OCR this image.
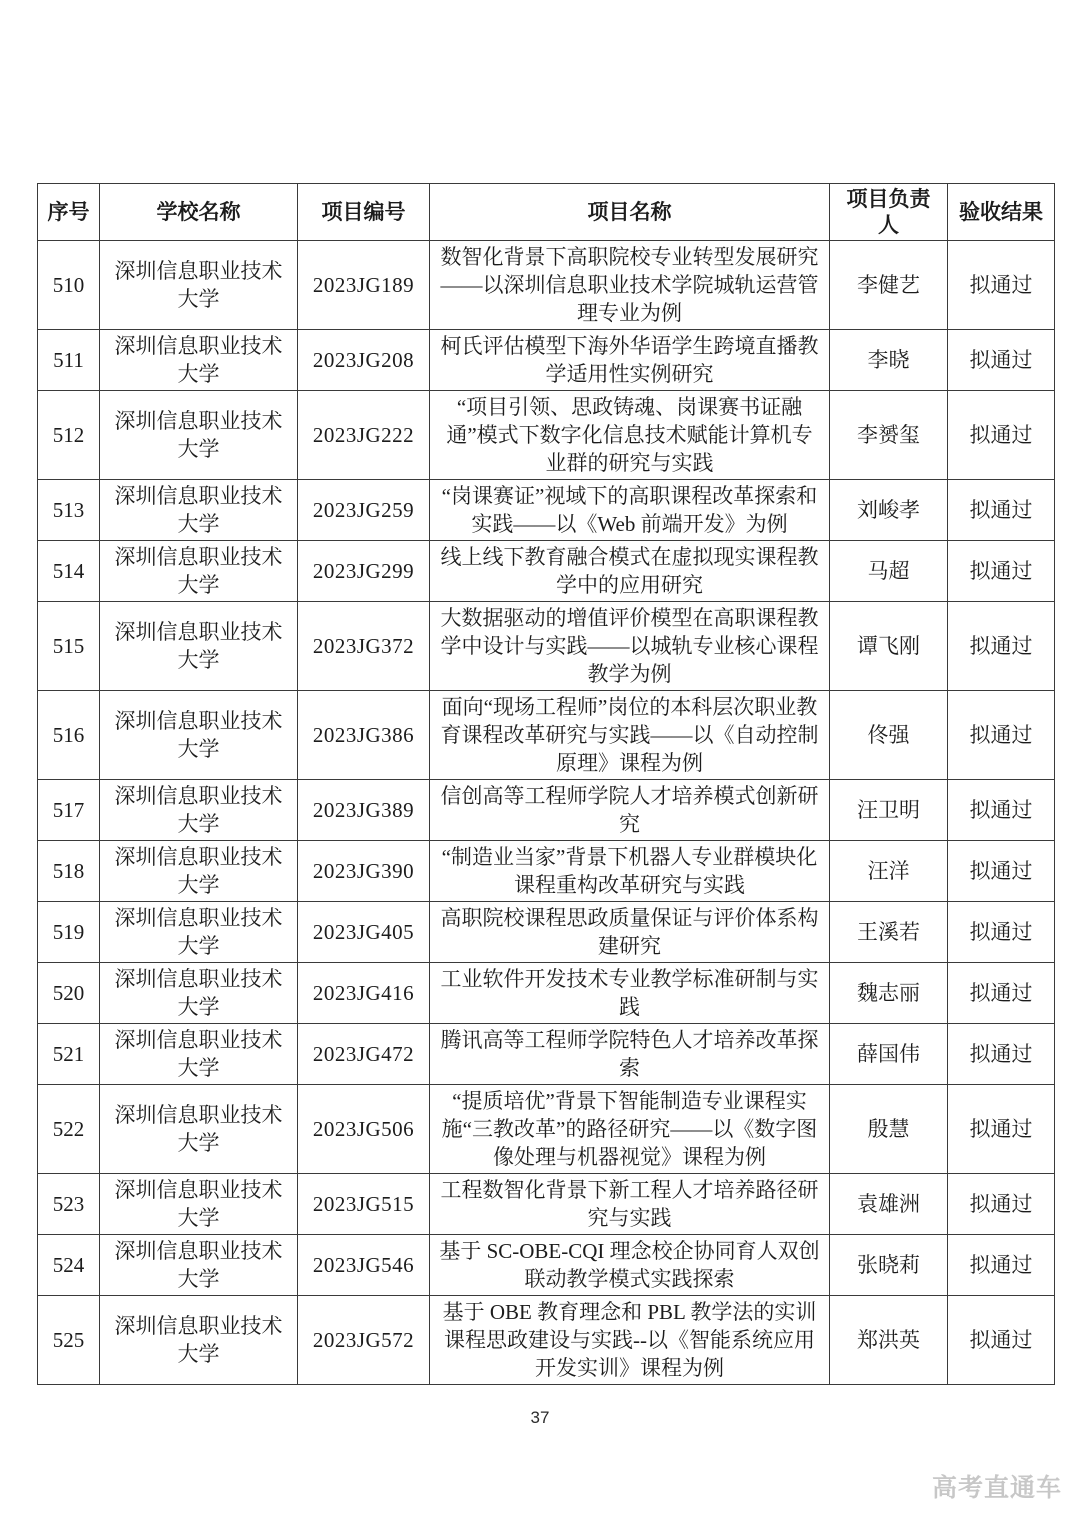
序号	学校名称	项目编号	项目名称	项目负责人	验收结果
510	深圳信息职业技术大学	2023JG189	数智化背景下高职院校专业转型发展研究——以深圳信息职业技术学院城轨运营管理专业为例	李健艺	拟通过
511	深圳信息职业技术大学	2023JG208	柯氏评估模型下海外华语学生跨境直播教学适用性实例研究	李晓	拟通过
512	深圳信息职业技术大学	2023JG222	“项目引领、思政铸魂、岗课赛书证融通”模式下数字化信息技术赋能计算机专业群的研究与实践	李赟玺	拟通过
513	深圳信息职业技术大学	2023JG259	“岗课赛证”视域下的高职课程改革探索和实践——以《Web 前端开发》为例	刘峻孝	拟通过
514	深圳信息职业技术大学	2023JG299	线上线下教育融合模式在虚拟现实课程教学中的应用研究	马超	拟通过
515	深圳信息职业技术大学	2023JG372	大数据驱动的增值评价模型在高职课程教学中设计与实践——以城轨专业核心课程教学为例	谭飞刚	拟通过
516	深圳信息职业技术大学	2023JG386	面向“现场工程师”岗位的本科层次职业教育课程改革研究与实践——以《自动控制原理》课程为例	佟强	拟通过
517	深圳信息职业技术大学	2023JG389	信创高等工程师学院人才培养模式创新研究	汪卫明	拟通过
518	深圳信息职业技术大学	2023JG390	“制造业当家”背景下机器人专业群模块化课程重构改革研究与实践	汪洋	拟通过
519	深圳信息职业技术大学	2023JG405	高职院校课程思政质量保证与评价体系构建研究	王溪若	拟通过
520	深圳信息职业技术大学	2023JG416	工业软件开发技术专业教学标准研制与实践	魏志丽	拟通过
521	深圳信息职业技术大学	2023JG472	腾讯高等工程师学院特色人才培养改革探索	薛国伟	拟通过
522	深圳信息职业技术大学	2023JG506	“提质培优”背景下智能制造专业课程实施“三教改革”的路径研究——以《数字图像处理与机器视觉》课程为例	殷慧	拟通过
523	深圳信息职业技术大学	2023JG515	工程数智化背景下新工程人才培养路径研究与实践	袁雄洲	拟通过
524	深圳信息职业技术大学	2023JG546	基于 SC-OBE-CQI 理念校企协同育人双创联动教学模式实践探索	张晓莉	拟通过
525	深圳信息职业技术大学	2023JG572	基于 OBE 教育理念和 PBL 教学法的实训课程思政建设与实践--以《智能系统应用开发实训》课程为例	郑洪英	拟通过
37
高考直通车
